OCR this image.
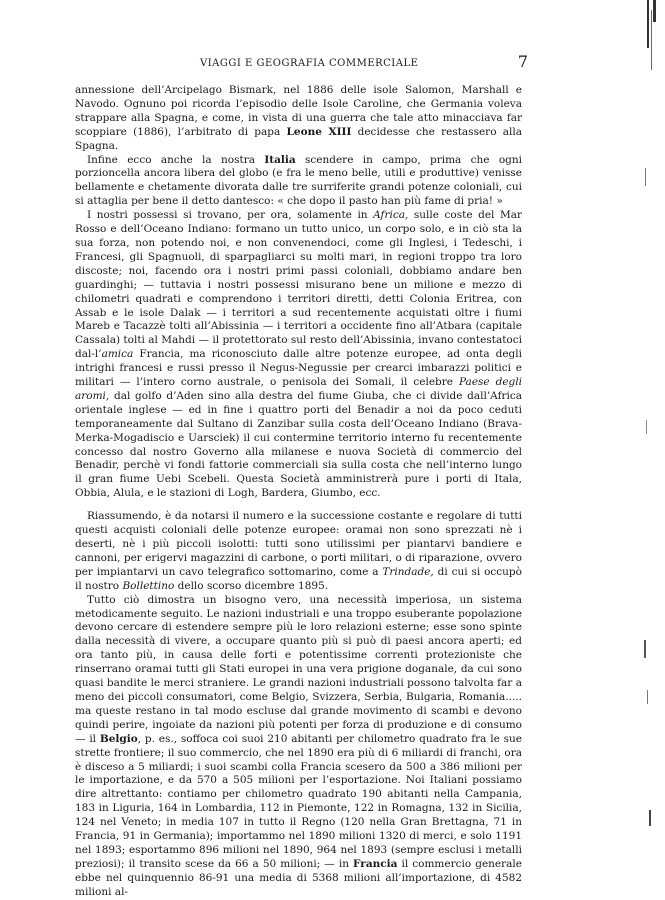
VIAGGI E GEOGRAFIA COMMERCIALE	7

annessione dell’Arcipelago Bismark, nel 1886 delle isole Salomon, Marshall e Navodo. Ognuno poi ricorda l’episodio delle Isole Caroline, che Germania voleva strappare alla Spagna, e come, in vista di una guerra che tale atto minacciava far scoppiare (1886), l’arbitrato di papa Leone XIII decidesse che restassero alla Spagna.

Infine ecco anche la nostra Italia scendere in campo, prima che ogni porzioncella ancora libera del globo (e fra le meno belle, utili e produttive) venisse bellamente e chetamente divorata dalle tre surriferite grandi potenze coloniali, cui si attaglia per bene il detto dantesco: « che dopo il pasto han più fame di pria! »

I nostri possessi si trovano, per ora, solamente in Africa, sulle coste del Mar Rosso e dell’Oceano Indiano: formano un tutto unico, un corpo solo, e in ciò sta la sua forza, non potendo noi, e non convenendoci, come gli Inglesi, i Tedeschi, i Francesi, gli Spagnuoli, di sparpagliarci su molti mari, in regioni troppo tra loro discoste; noi, facendo ora i nostri primi passi coloniali, dobbiamo andare ben guardinghi; — tuttavia i nostri possessi misurano bene un milione e mezzo di chilometri quadrati e comprendono i territori diretti, detti Colonia Eritrea, con Assab e le isole Dalak — i territori a sud recentemente acquistati oltre i fiumi Mareb e Tacazzè tolti all’Abissinia — i territori a occidente fino all’Atbara (capitale Cassala) tolti al Mahdi — il protettorato sul resto dell’Abissinia, invano contestatoci dal-l’amica Francia, ma riconosciuto dalle altre potenze europee, ad onta degli intrighi francesi e russi presso il Negus-Negussie per crearci imbarazzi politici e militari — l’intero corno australe, o penisola dei Somali, il celebre Paese degli aromi, dal golfo d’Aden sino alla destra del fiume Giuba, che ci divide dall’Africa orientale inglese — ed in fine i quattro porti del Benadir a noi da poco ceduti temporaneamente dal Sultano di Zanzibar sulla costa dell’Oceano Indiano (Brava-Merka-Mogadiscio e Uarsciek) il cui contermine territorio interno fu recentemente concesso dal nostro Governo alla milanese e nuova Società di commercio del Benadir, perchè vi fondi fattorie commerciali sia sulla costa che nell’interno lungo il gran fiume Uebi Scebeli. Questa Società amministrerà pure i porti di Itala, Obbia, Alula, e le stazioni di Logh, Bardera, Giumbo, ecc.

Riassumendo, è da notarsi il numero e la successione costante e regolare di tutti questi acquisti coloniali delle potenze europee: oramai non sono sprezzati nè i deserti, nè i più piccoli isolotti: tutti sono utilissimi per piantarvi bandiere e cannoni, per erigervi magazzini di carbone, o porti militari, o di riparazione, ovvero per impiantarvi un cavo telegrafico sottomarino, come a Trindade, di cui si occupò il nostro Bollettino dello scorso dicembre 1895.

Tutto ciò dimostra un bisogno vero, una necessità imperiosa, un sistema metodicamente seguito. Le nazioni industriali e una troppo esuberante popolazione devono cercare di estendere sempre più le loro relazioni esterne; esse sono spinte dalla necessità di vivere, a occupare quanto più si può di paesi ancora aperti; ed ora tanto più, in causa delle forti e potentissime correnti protezioniste che rinserrano oramai tutti gli Stati europei in una vera prigione doganale, da cui sono quasi bandite le merci straniere. Le grandi nazioni industriali possono talvolta far a meno dei piccoli consumatori, come Belgio, Svizzera, Serbia, Bulgaria, Romania..... ma queste restano in tal modo escluse dal grande movimento di scambi e devono quindi perire, ingoiate da nazioni più potenti per forza di produzione e di consumo — il Belgio, p. es., soffoca coi suoi 210 abitanti per chilometro quadrato fra le sue strette frontiere; il suo commercio, che nel 1890 era più di 6 miliardi di franchi, ora è disceso a 5 miliardi; i suoi scambi colla Francia scesero da 500 a 386 milioni per le importazione, e da 570 a 505 milioni per l’esportazione. Noi Italiani possiamo dire altrettanto: contiamo per chilometro quadrato 190 abitanti nella Campania, 183 in Liguria, 164 in Lombardia, 112 in Piemonte, 122 in Romagna, 132 in Sicilia, 124 nel Veneto; in media 107 in tutto il Regno (120 nella Gran Brettagna, 71 in Francia, 91 in Germania); importammo nel 1890 milioni 1320 di merci, e solo 1191 nel 1893; esportammo 896 milioni nel 1890, 964 nel 1893 (sempre esclusi i metalli preziosi); il transito scese da 66 a 50 milioni; — in Francia il commercio generale ebbe nel quinquennio 86-91 una media di 5368 milioni all’importazione, di 4582 milioni al-
